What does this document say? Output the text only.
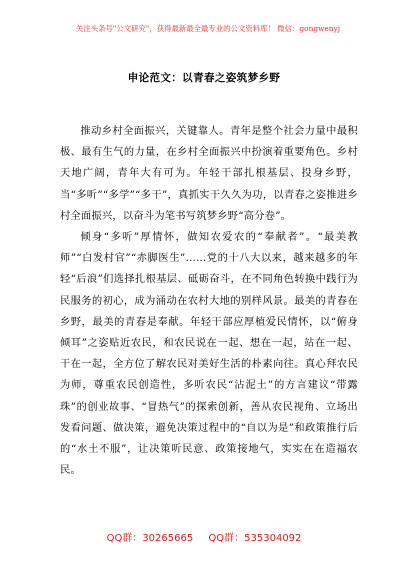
关注头条号"公文研究"，获得最新最全最专业的公文资料库！ 微信：gongwenyj
申论范文：以青春之姿筑梦乡野

推动乡村全面振兴，关键靠人。青年是整个社会力量中最积极、最有生气的力量，在乡村全面振兴中扮演着重要角色。乡村天地广阔，青年大有可为。年轻干部扎根基层、投身乡野，当“多听”“多学”“多干”，真抓实干久久为功，以青春之姿推进乡村全面振兴，以奋斗为笔书写筑梦乡野“高分卷”。

倾身“多听”厚情怀，做知农爱农的“奉献者”。“最美教师”“白发村官”“赤脚医生”……党的十八大以来，越来越多的年轻“后浪”们选择扎根基层、砥砺奋斗，在不同角色转换中践行为民服务的初心，成为涌动在农村大地的别样风景。最美的青春在乡野，最美的青春是奉献。年轻干部应厚植爱民情怀，以“俯身倾耳”之姿贴近农民，和农民说在一起、想在一起，站在一起、干在一起，全方位了解农民对美好生活的朴素向往。真心拜农民为师，尊重农民创造性，多听农民“沾泥土”的方言建议“带露珠”的创业故事、“冒热气”的探索创新，善从农民视角、立场出发看问题、做决策，避免决策过程中的“自以为是”和政策推行后的“水土不服”，让决策听民意、政策接地气，实实在在造福农民。

QQ群：30265665 QQ群：535304092
